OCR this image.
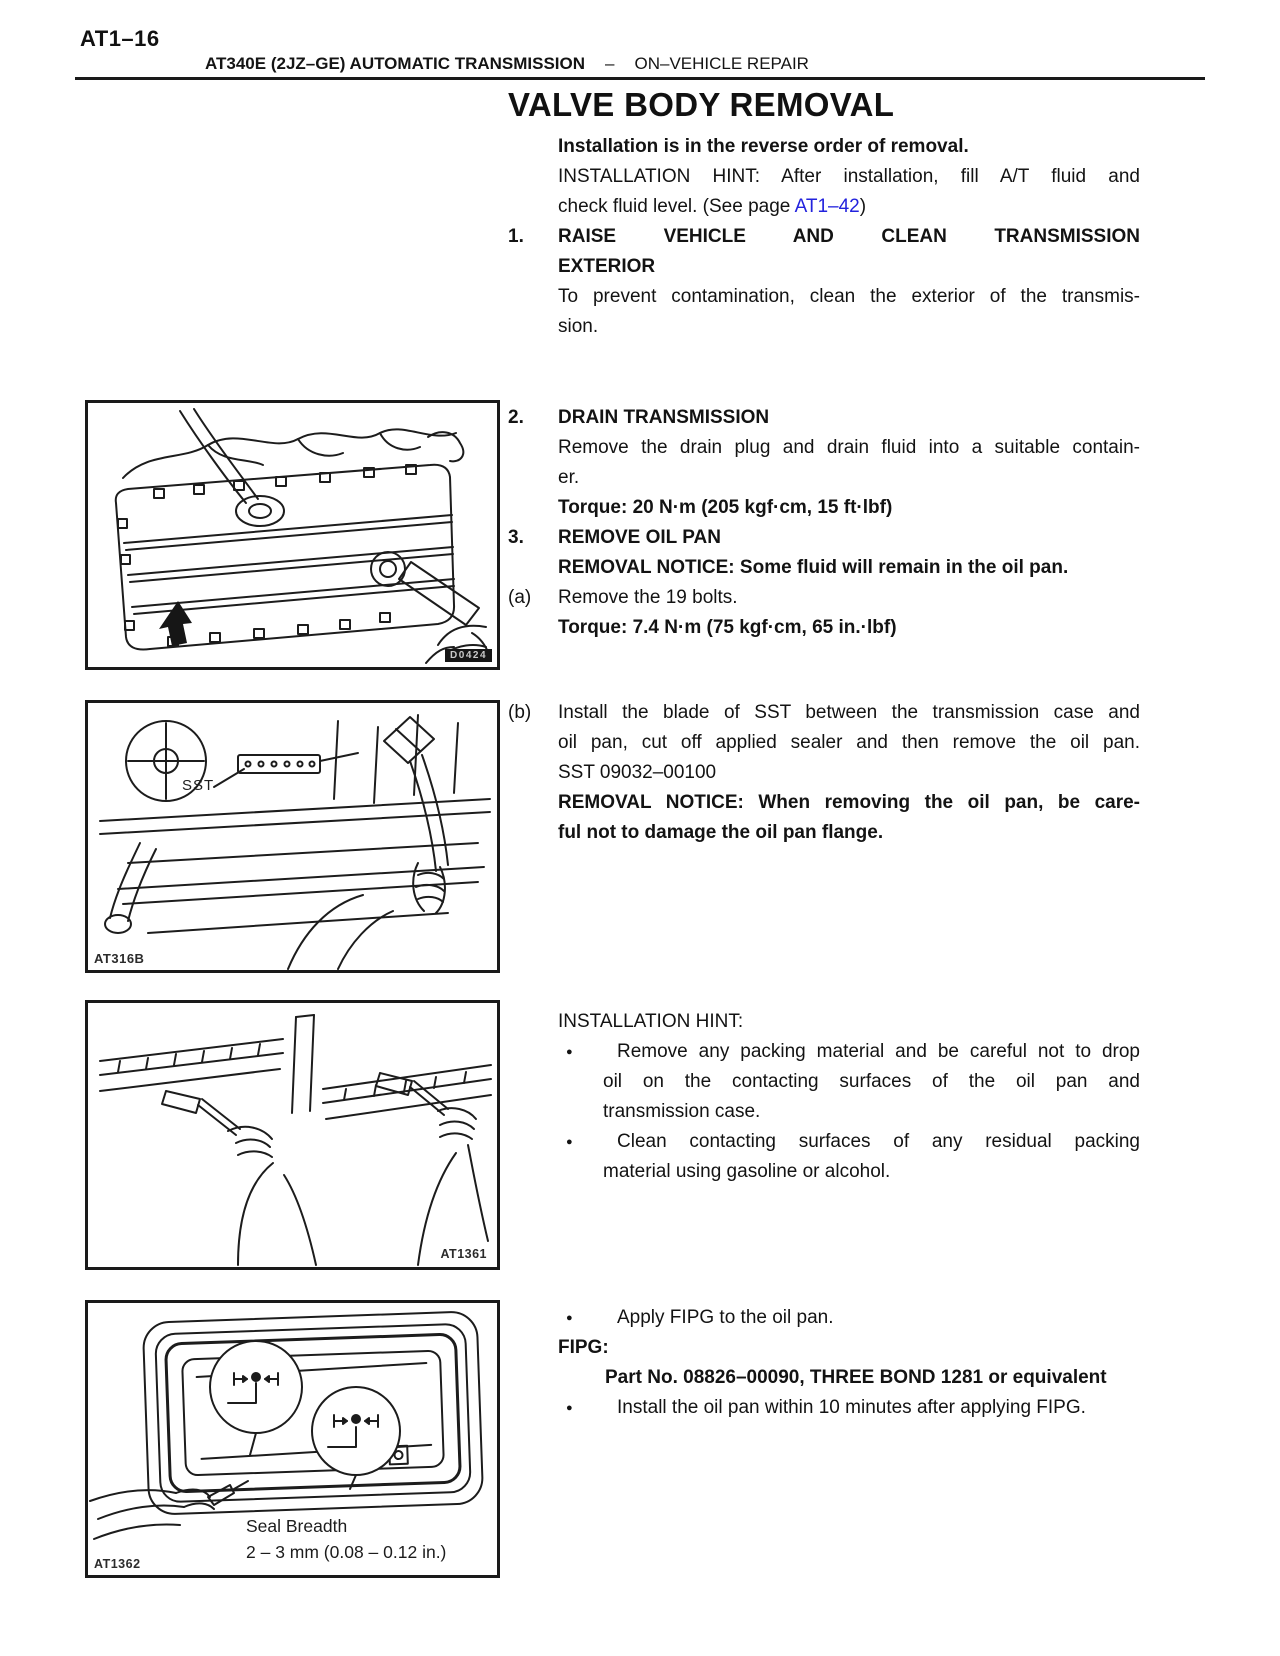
AT1–16
AT340E (2JZ–GE) AUTOMATIC TRANSMISSION – ON–VEHICLE REPAIR
VALVE BODY REMOVAL
Installation is in the reverse order of removal.
INSTALLATION HINT: After installation, fill A/T fluid and
check fluid level. (See page AT1–42)
1. RAISE VEHICLE AND CLEAN TRANSMISSION
EXTERIOR
To prevent contamination, clean the exterior of the transmis-
sion.
2. DRAIN TRANSMISSION
Remove the drain plug and drain fluid into a suitable contain-
er.
Torque: 20 N·m (205 kgf·cm, 15 ft·lbf)
3. REMOVE OIL PAN
REMOVAL NOTICE: Some fluid will remain in the oil pan.
(a) Remove the 19 bolts.
Torque: 7.4 N·m (75 kgf·cm, 65 in.·lbf)
(b) Install the blade of SST between the transmission case and
oil pan, cut off applied sealer and then remove the oil pan.
SST 09032–00100
REMOVAL NOTICE: When removing the oil pan, be care-
ful not to damage the oil pan flange.
INSTALLATION HINT:
● Remove any packing material and be careful not to drop
oil on the contacting surfaces of the oil pan and
transmission case.
● Clean contacting surfaces of any residual packing
material using gasoline or alcohol.
● Apply FIPG to the oil pan.
FIPG:
Part No. 08826–00090, THREE BOND 1281 or equivalent
● Install the oil pan within 10 minutes after applying FIPG.
D0424
SST
AT316B
AT1361
Seal Breadth
2 – 3 mm (0.08 – 0.12 in.)
AT1362
